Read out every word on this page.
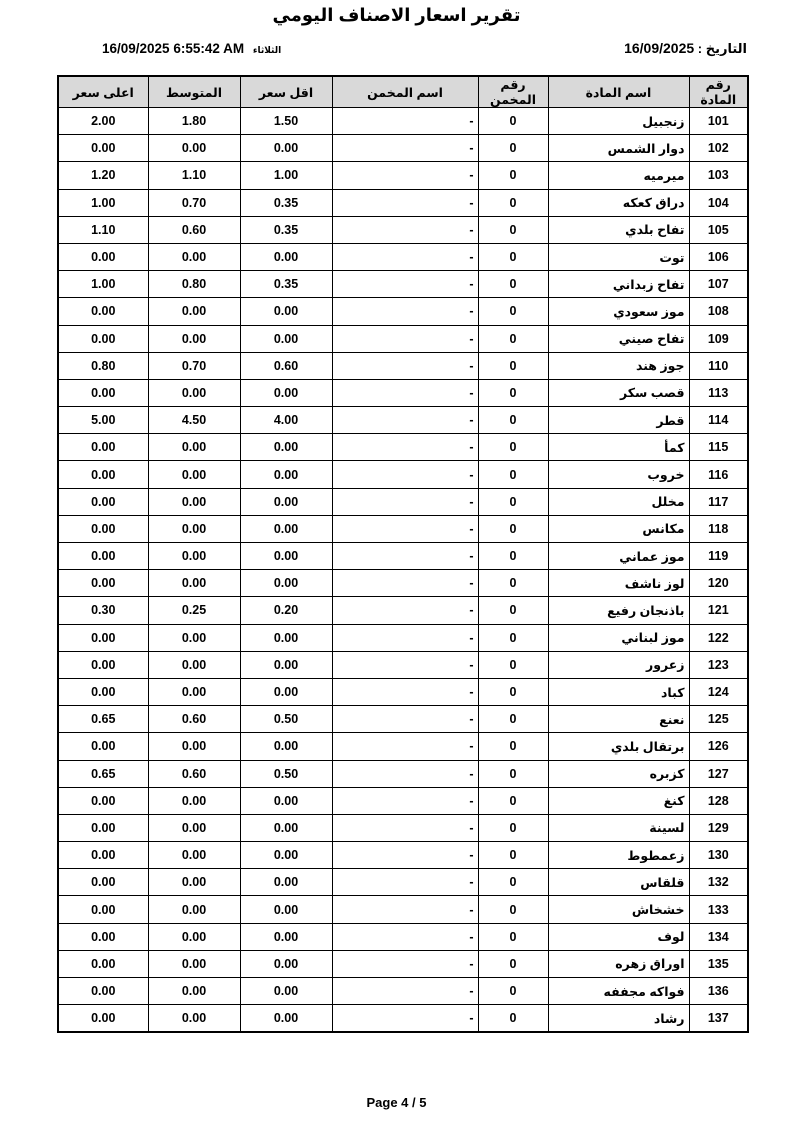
تقرير اسعار الاصناف اليومي
التاريخ : 16/09/2025
16/09/2025 6:55:42 AM الثلاثاء
رقم المادة	اسم المادة	رقم المخمن	اسم المخمن	اقل سعر	المتوسط	اعلى سعر
101	زنجبيل	0	-	1.50	1.80	2.00
102	دوار الشمس	0	-	0.00	0.00	0.00
103	ميرميه	0	-	1.00	1.10	1.20
104	دراق كعكه	0	-	0.35	0.70	1.00
105	تفاح بلدي	0	-	0.35	0.60	1.10
106	توت	0	-	0.00	0.00	0.00
107	تفاح زبداني	0	-	0.35	0.80	1.00
108	موز سعودي	0	-	0.00	0.00	0.00
109	تفاح صيني	0	-	0.00	0.00	0.00
110	جوز هند	0	-	0.60	0.70	0.80
113	قصب سكر	0	-	0.00	0.00	0.00
114	قطر	0	-	4.00	4.50	5.00
115	كمأ	0	-	0.00	0.00	0.00
116	خروب	0	-	0.00	0.00	0.00
117	مخلل	0	-	0.00	0.00	0.00
118	مكانس	0	-	0.00	0.00	0.00
119	موز عماني	0	-	0.00	0.00	0.00
120	لوز ناشف	0	-	0.00	0.00	0.00
121	باذنجان رفيع	0	-	0.20	0.25	0.30
122	موز لبناني	0	-	0.00	0.00	0.00
123	زعرور	0	-	0.00	0.00	0.00
124	كباد	0	-	0.00	0.00	0.00
125	نعنع	0	-	0.50	0.60	0.65
126	برتقال بلدي	0	-	0.00	0.00	0.00
127	كزبره	0	-	0.50	0.60	0.65
128	كنغ	0	-	0.00	0.00	0.00
129	لسينة	0	-	0.00	0.00	0.00
130	زعمطوط	0	-	0.00	0.00	0.00
132	قلقاس	0	-	0.00	0.00	0.00
133	خشخاش	0	-	0.00	0.00	0.00
134	لوف	0	-	0.00	0.00	0.00
135	اوراق زهره	0	-	0.00	0.00	0.00
136	فواكه مجففه	0	-	0.00	0.00	0.00
137	رشاد	0	-	0.00	0.00	0.00
Page 4 / 5
